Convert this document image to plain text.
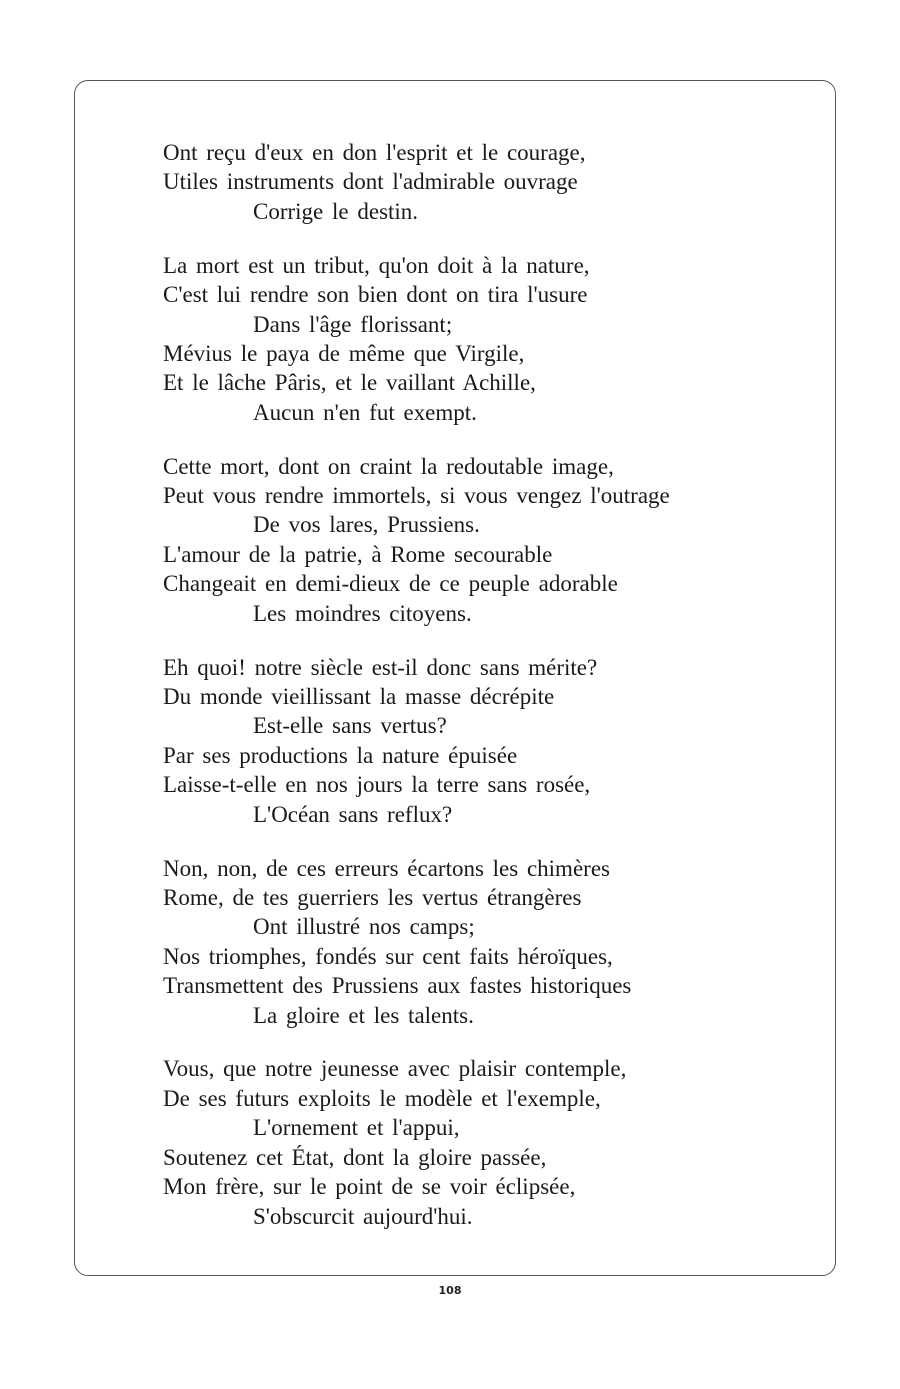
Ont reçu d'eux en don l'esprit et le courage,
Utiles instruments dont l'admirable ouvrage
Corrige le destin.
La mort est un tribut, qu'on doit à la nature,
C'est lui rendre son bien dont on tira l'usure
Dans l'âge florissant;
Mévius le paya de même que Virgile,
Et le lâche Pâris, et le vaillant Achille,
Aucun n'en fut exempt.
Cette mort, dont on craint la redoutable image,
Peut vous rendre immortels, si vous vengez l'outrage
De vos lares, Prussiens.
L'amour de la patrie, à Rome secourable
Changeait en demi-dieux de ce peuple adorable
Les moindres citoyens.
Eh quoi! notre siècle est-il donc sans mérite?
Du monde vieillissant la masse décrépite
Est-elle sans vertus?
Par ses productions la nature épuisée
Laisse-t-elle en nos jours la terre sans rosée,
L'Océan sans reflux?
Non, non, de ces erreurs écartons les chimères
Rome, de tes guerriers les vertus étrangères
Ont illustré nos camps;
Nos triomphes, fondés sur cent faits héroïques,
Transmettent des Prussiens aux fastes historiques
La gloire et les talents.
Vous, que notre jeunesse avec plaisir contemple,
De ses futurs exploits le modèle et l'exemple,
L'ornement et l'appui,
Soutenez cet État, dont la gloire passée,
Mon frère, sur le point de se voir éclipsée,
S'obscurcit aujourd'hui.
108
